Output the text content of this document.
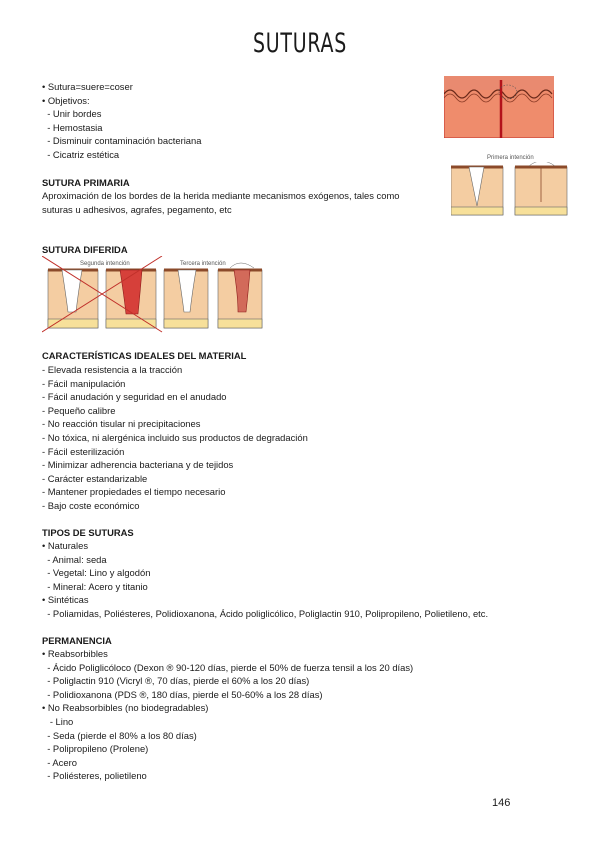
SUTURAS
• Sutura=suere=coser
• Objetivos:
- Unir bordes
- Hemostasia
- Disminuir contaminación bacteriana
- Cicatriz estética	Primera intención
SUTURA PRIMARIA
Aproximación de los bordes de la herida mediante mecanismos exógenos, tales como
suturas u adhesivos, agrafes, pegamento, etc
SUTURA DIFERIDA
Segunda intención	Tercera intención
CARACTERÍSTICAS IDEALES DEL MATERIAL
- Elevada resistencia a la tracción
- Fácil manipulación
- Fácil anudación y seguridad en el anudado
- Pequeño calibre
- No reacción tisular ni precipitaciones
- No tóxica, ni alergénica incluido sus productos de degradación
- Fácil esterilización
- Minimizar adherencia bacteriana y de tejidos
- Carácter estandarizable
- Mantener propiedades el tiempo necesario
- Bajo coste económico
TIPOS DE SUTURAS
• Naturales
- Animal: seda
- Vegetal: Lino y algodón
- Mineral: Acero y titanio
• Sintéticas
- Poliamidas, Poliésteres, Polidioxanona, Ácido poliglicólico, Poliglactin 910, Polipropileno, Polietileno, etc.
PERMANENCIA
• Reabsorbibles
- Ácido Poliglicóloco (Dexon ® 90-120 días, pierde el 50% de fuerza tensil a los 20 días)
- Poliglactin 910 (Vicryl ®, 70 días, pierde el 60% a los 20 días)
- Polidioxanona (PDS ®, 180 días, pierde el 50-60% a los 28 días)
• No Reabsorbibles (no biodegradables)
- Lino
- Seda (pierde el 80% a los 80 días)
- Polipropileno (Prolene)
- Acero
- Poliésteres, polietileno
146
